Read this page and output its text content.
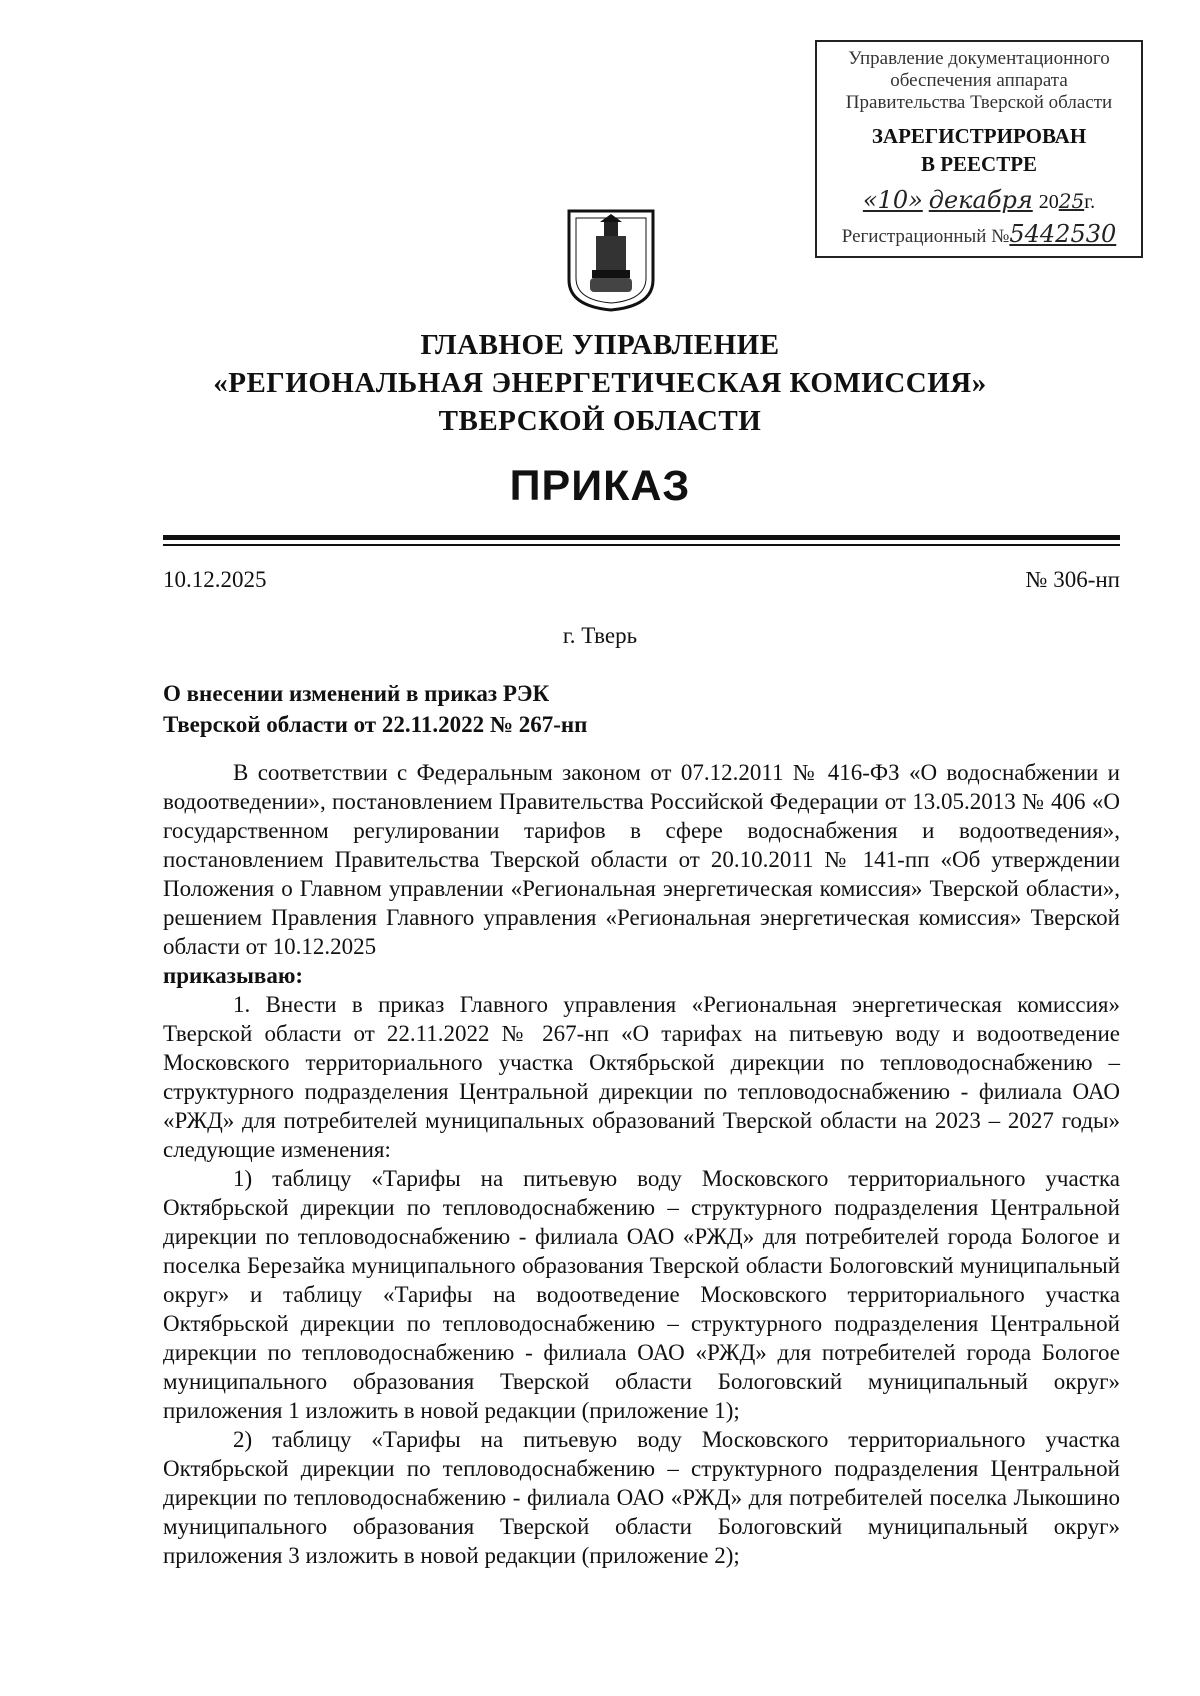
Управление документационного
обеспечения аппарата
Правительства Тверской области
ЗАРЕГИСТРИРОВАН
В РЕЕСТРЕ
«10» декабря 2025г.
Регистрационный №5442530
ГЛАВНОЕ УПРАВЛЕНИЕ
«РЕГИОНАЛЬНАЯ ЭНЕРГЕТИЧЕСКАЯ КОМИССИЯ»
ТВЕРСКОЙ ОБЛАСТИ
ПРИКАЗ
10.12.2025	№ 306-нп
г. Тверь
О внесении изменений в приказ РЭК
Тверской области от 22.11.2022 № 267-нп

В соответствии с Федеральным законом от 07.12.2011 № 416-ФЗ «О водоснабжении и водоотведении», постановлением Правительства Российской Федерации от 13.05.2013 № 406 «О государственном регулировании тарифов в сфере водоснабжения и водоотведения», постановлением Правительства Тверской области от 20.10.2011 № 141-пп «Об утверждении Положения о Главном управлении «Региональная энергетическая комиссия» Тверской области», решением Правления Главного управления «Региональная энергетическая комиссия» Тверской области от 10.12.2025

приказываю:

1. Внести в приказ Главного управления «Региональная энергетическая комиссия» Тверской области от 22.11.2022 № 267-нп «О тарифах на питьевую воду и водоотведение Московского территориального участка Октябрьской дирекции по тепловодоснабжению – структурного подразделения Центральной дирекции по тепловодоснабжению - филиала ОАО «РЖД» для потребителей муниципальных образований Тверской области на 2023 – 2027 годы» следующие изменения:

1) таблицу «Тарифы на питьевую воду Московского территориального участка Октябрьской дирекции по тепловодоснабжению – структурного подразделения Центральной дирекции по тепловодоснабжению - филиала ОАО «РЖД» для потребителей города Бологое и поселка Березайка муниципального образования Тверской области Бологовский муниципальный округ» и таблицу «Тарифы на водоотведение Московского территориального участка Октябрьской дирекции по тепловодоснабжению – структурного подразделения Центральной дирекции по тепловодоснабжению - филиала ОАО «РЖД» для потребителей города Бологое муниципального образования Тверской области Бологовский муниципальный округ» приложения 1 изложить в новой редакции (приложение 1);

2) таблицу «Тарифы на питьевую воду Московского территориального участка Октябрьской дирекции по тепловодоснабжению – структурного подразделения Центральной дирекции по тепловодоснабжению - филиала ОАО «РЖД» для потребителей поселка Лыкошино муниципального образования Тверской области Бологовский муниципальный округ» приложения 3 изложить в новой редакции (приложение 2);
